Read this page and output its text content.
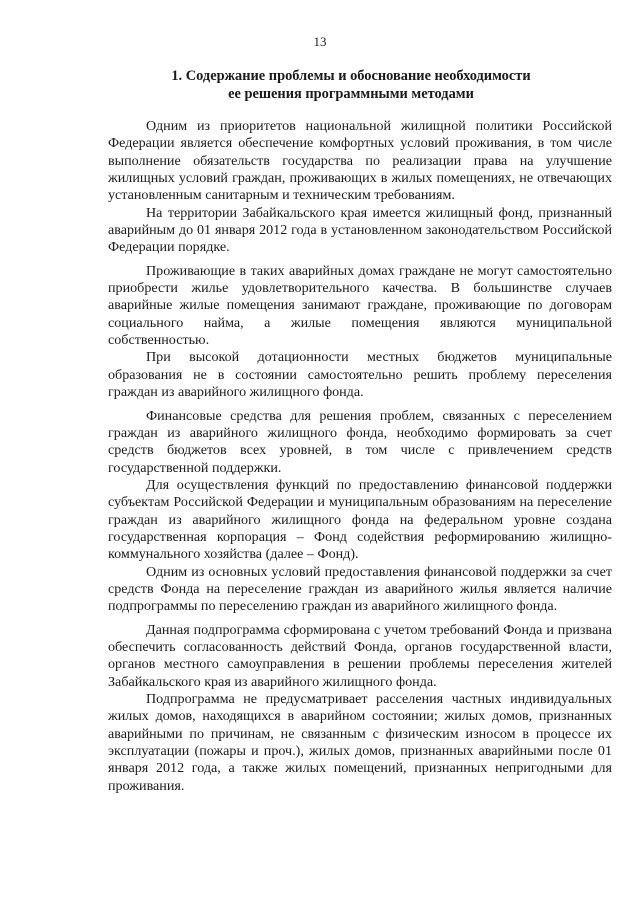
13
1. Содержание проблемы и обоснование необходимости
ее решения программными методами

Одним из приоритетов национальной жилищной политики Российской Федерации является обеспечение комфортных условий проживания, в том числе выполнение обязательств государства по реализации права на улучшение жилищных условий граждан, проживающих в жилых помещениях, не отвечающих установленным санитарным и техническим требованиям.

На территории Забайкальского края имеется жилищный фонд, признанный аварийным до 01 января 2012 года в установленном законодательством Российской Федерации порядке.

Проживающие в таких аварийных домах граждане не могут самостоятельно приобрести жилье удовлетворительного качества. В большинстве случаев аварийные жилые помещения занимают граждане, проживающие по договорам социального найма, а жилые помещения являются муниципальной собственностью.

При высокой дотационности местных бюджетов муниципальные образования не в состоянии самостоятельно решить проблему переселения граждан из аварийного жилищного фонда.

Финансовые средства для решения проблем, связанных с переселением граждан из аварийного жилищного фонда, необходимо формировать за счет средств бюджетов всех уровней, в том числе с привлечением средств государственной поддержки.

Для осуществления функций по предоставлению финансовой поддержки субъектам Российской Федерации и муниципальным образованиям на переселение граждан из аварийного жилищного фонда на федеральном уровне создана государственная корпорация – Фонд содействия реформированию жилищно-коммунального хозяйства (далее – Фонд).

Одним из основных условий предоставления финансовой поддержки за счет средств Фонда на переселение граждан из аварийного жилья является наличие подпрограммы по переселению граждан из аварийного жилищного фонда.

Данная подпрограмма сформирована с учетом требований Фонда и призвана обеспечить согласованность действий Фонда, органов государственной власти, органов местного самоуправления в решении проблемы переселения жителей Забайкальского края из аварийного жилищного фонда.

Подпрограмма не предусматривает расселения частных индивидуальных жилых домов, находящихся в аварийном состоянии; жилых домов, признанных аварийными по причинам, не связанным с физическим износом в процессе их эксплуатации (пожары и проч.), жилых домов, признанных аварийными после 01 января 2012 года, а также жилых помещений, признанных непригодными для проживания.
